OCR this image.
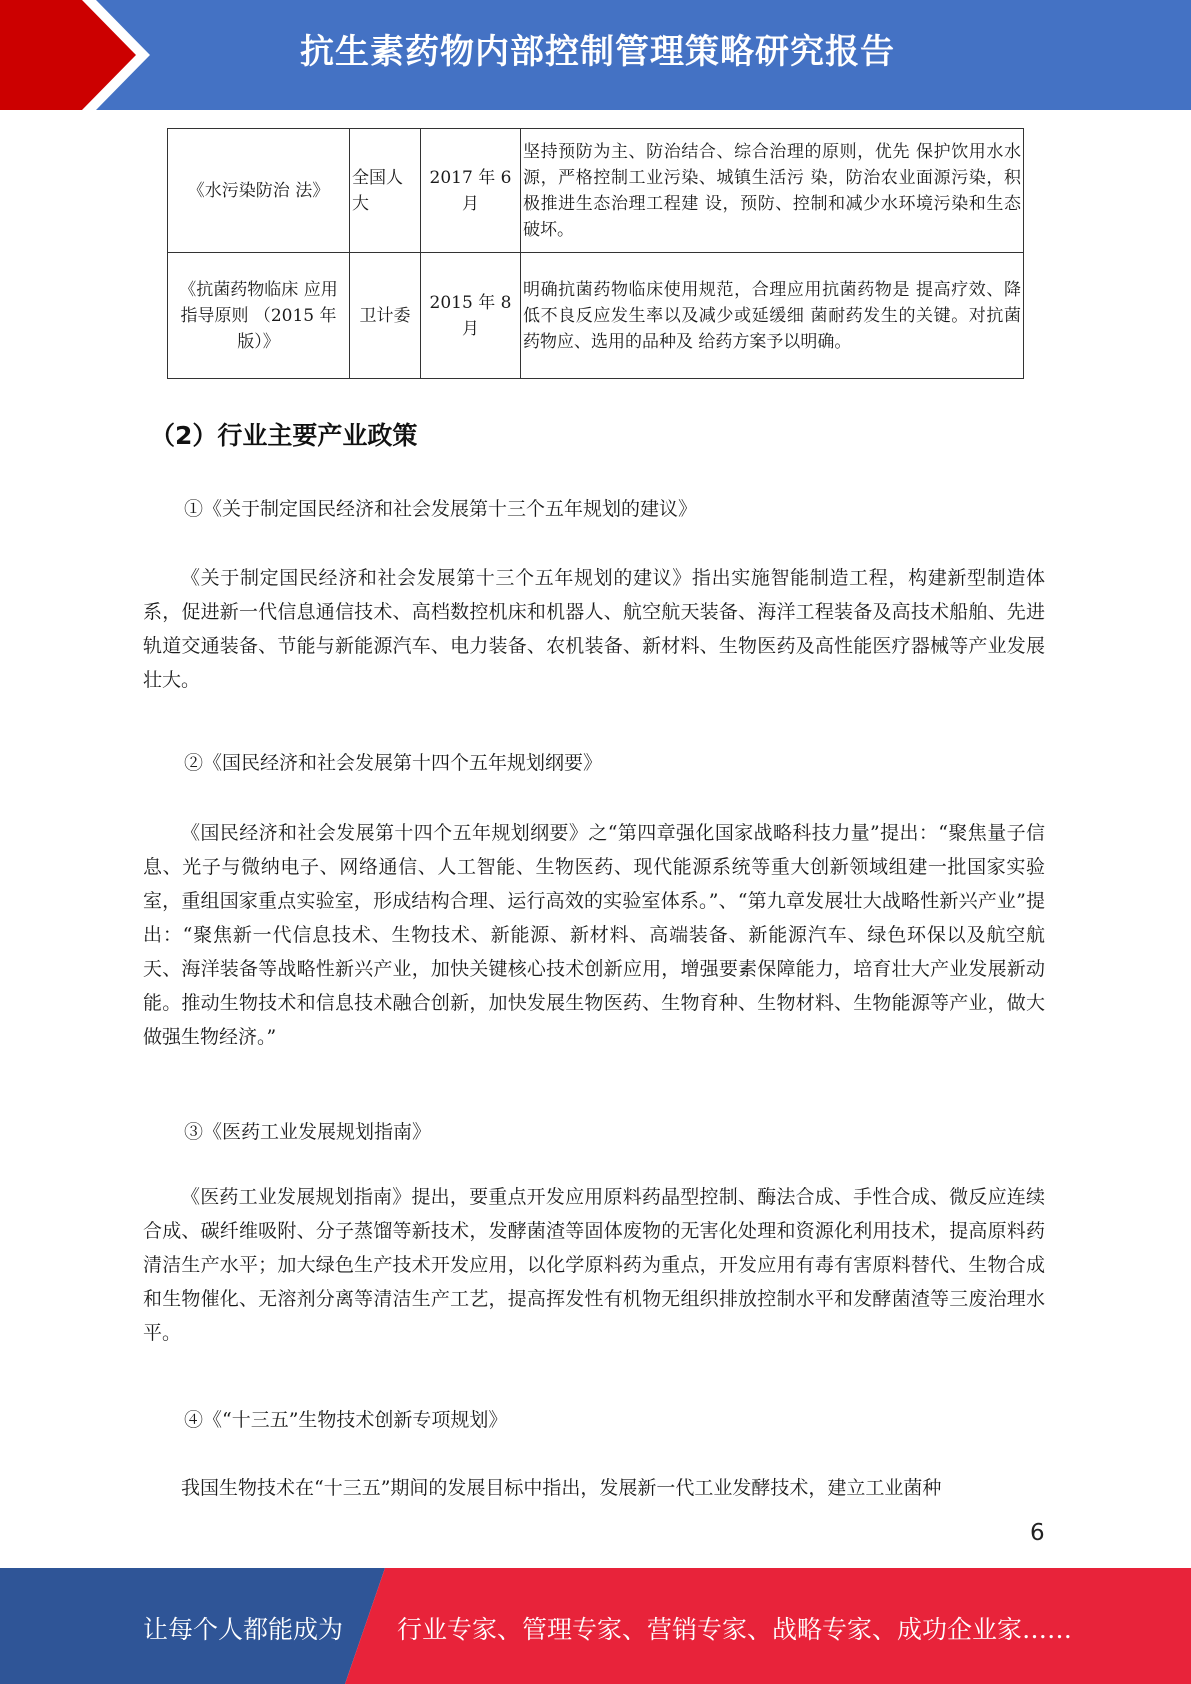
抗生素药物内部控制管理策略研究报告
《水污染防治 法》	全国人大	2017 年 6 月	坚持预防为主、防治结合、综合治理的原则，优先 保护饮用水水源，严格控制工业污染、城镇生活污 染，防治农业面源污染，积极推进生态治理工程建 设，预防、控制和减少水环境污染和生态破坏。
《抗菌药物临床 应用指导原则 （2015 年版）》	卫计委	2015 年 8 月	明确抗菌药物临床使用规范，合理应用抗菌药物是 提高疗效、降低不良反应发生率以及减少或延缓细 菌耐药发生的关键。对抗菌药物应、选用的品种及 给药方案予以明确。
（2）行业主要产业政策
①《关于制定国民经济和社会发展第十三个五年规划的建议》

《关于制定国民经济和社会发展第十三个五年规划的建议》指出实施智能制造工程，构建新型制造体系，促进新一代信息通信技术、高档数控机床和机器人、航空航天装备、海洋工程装备及高技术船舶、先进轨道交通装备、节能与新能源汽车、电力装备、农机装备、新材料、生物医药及高性能医疗器械等产业发展壮大。

②《国民经济和社会发展第十四个五年规划纲要》

《国民经济和社会发展第十四个五年规划纲要》之“第四章强化国家战略科技力量”提出：“聚焦量子信息、光子与微纳电子、网络通信、人工智能、生物医药、现代能源系统等重大创新领域组建一批国家实验室，重组国家重点实验室，形成结构合理、运行高效的实验室体系。”、“第九章发展壮大战略性新兴产业”提出：“聚焦新一代信息技术、生物技术、新能源、新材料、高端装备、新能源汽车、绿色环保以及航空航天、海洋装备等战略性新兴产业，加快关键核心技术创新应用，增强要素保障能力，培育壮大产业发展新动能。推动生物技术和信息技术融合创新，加快发展生物医药、生物育种、生物材料、生物能源等产业，做大做强生物经济。”

③《医药工业发展规划指南》

《医药工业发展规划指南》提出，要重点开发应用原料药晶型控制、酶法合成、手性合成、微反应连续合成、碳纤维吸附、分子蒸馏等新技术，发酵菌渣等固体废物的无害化处理和资源化利用技术，提高原料药清洁生产水平；加大绿色生产技术开发应用，以化学原料药为重点，开发应用有毒有害原料替代、生物合成和生物催化、无溶剂分离等清洁生产工艺，提高挥发性有机物无组织排放控制水平和发酵菌渣等三废治理水平。

④《“十三五”生物技术创新专项规划》

我国生物技术在“十三五”期间的发展目标中指出，发展新一代工业发酵技术，建立工业菌种

6
让每个人都能成为 行业专家、管理专家、营销专家、战略专家、成功企业家……
